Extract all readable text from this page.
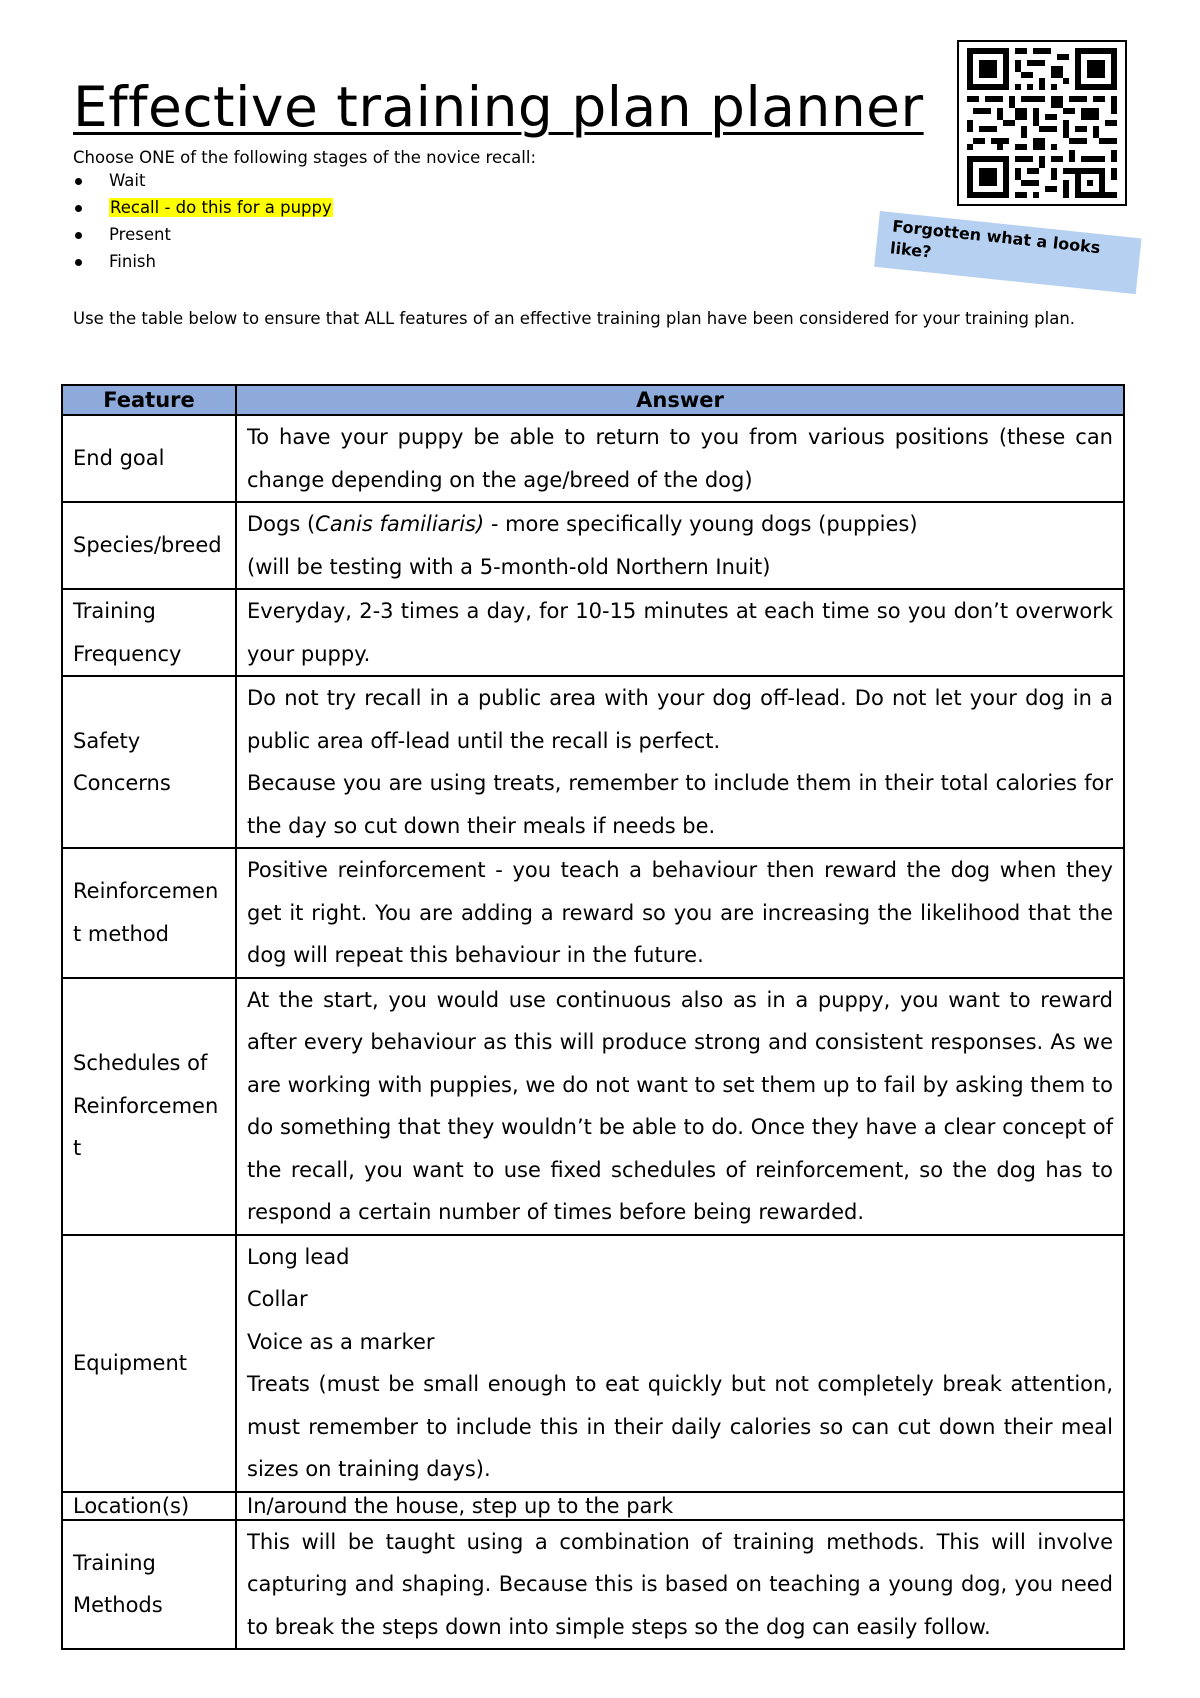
Effective training plan planner
Choose ONE of the following stages of the novice recall:
Wait
Recall - do this for a puppy
Present
Finish
Use the table below to ensure that ALL features of an effective training plan have been considered for your training plan.
Forgotten what a looks like?
Feature	Answer
End goal	To have your puppy be able to return to you from various positions (these can change depending on the age/breed of the dog)

Species/breed	Dogs (Canis familiaris) - more specifically young dogs (puppies)

(will be testing with a 5-month-old Northern Inuit)

Training Frequency	Everyday, 2-3 times a day, for 10-15 minutes at each time so you don’t overwork your puppy.

Safety Concerns	Do not try recall in a public area with your dog off-lead. Do not let your dog in a public area off-lead until the recall is perfect.

Because you are using treats, remember to include them in their total calories for the day so cut down their meals if needs be.

Reinforcement method	Positive reinforcement - you teach a behaviour then reward the dog when they get it right. You are adding a reward so you are increasing the likelihood that the dog will repeat this behaviour in the future.

Schedules of Reinforcement	At the start, you would use continuous also as in a puppy, you want to reward after every behaviour as this will produce strong and consistent responses. As we are working with puppies, we do not want to set them up to fail by asking them to do something that they wouldn’t be able to do. Once they have a clear concept of the recall, you want to use fixed schedules of reinforcement, so the dog has to respond a certain number of times before being rewarded.

Equipment	Long lead

Collar

Voice as a marker

Treats (must be small enough to eat quickly but not completely break attention, must remember to include this in their daily calories so can cut down their meal sizes on training days).

Location(s)	In/around the house, step up to the park

Training Methods	This will be taught using a combination of training methods. This will involve capturing and shaping. Because this is based on teaching a young dog, you need to break the steps down into simple steps so the dog can easily follow.
